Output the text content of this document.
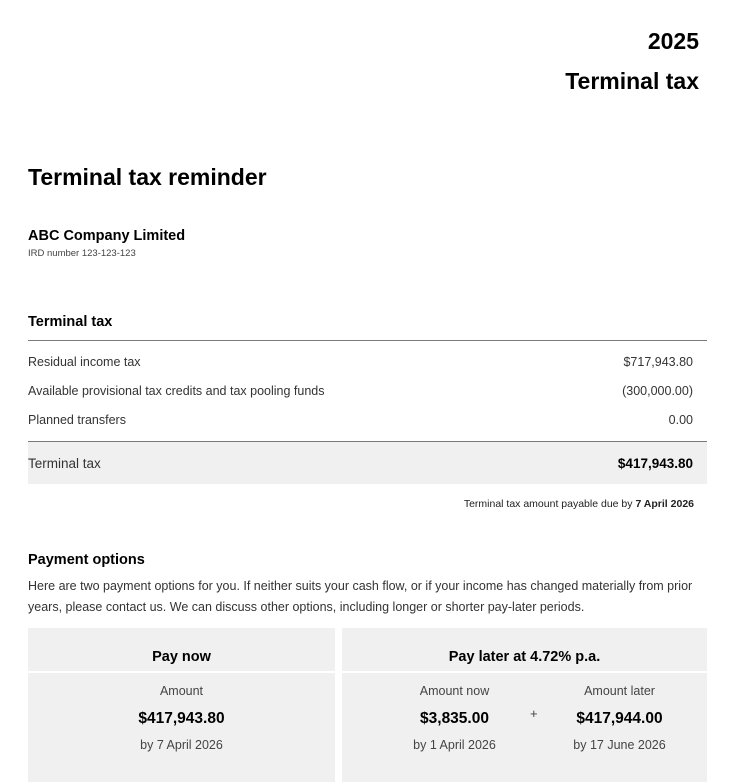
2025
Terminal tax
Terminal tax reminder
ABC Company Limited
IRD number 123-123-123
Terminal tax
Residual income tax	$717,943.80
Available provisional tax credits and tax pooling funds	(300,000.00)
Planned transfers	0.00
Terminal tax	$417,943.80
Terminal tax amount payable due by 7 April 2026
Payment options
Here are two payment options for you. If neither suits your cash flow, or if your income has changed materially from prior years, please contact us. We can discuss other options, including longer or shorter pay-later periods.
Pay now
Amount
$417,943.80
by 7 April 2026
Pay later at 4.72% p.a.
Amount now
$3,835.00
by 1 April 2026
+
Amount later
$417,944.00
by 17 June 2026
